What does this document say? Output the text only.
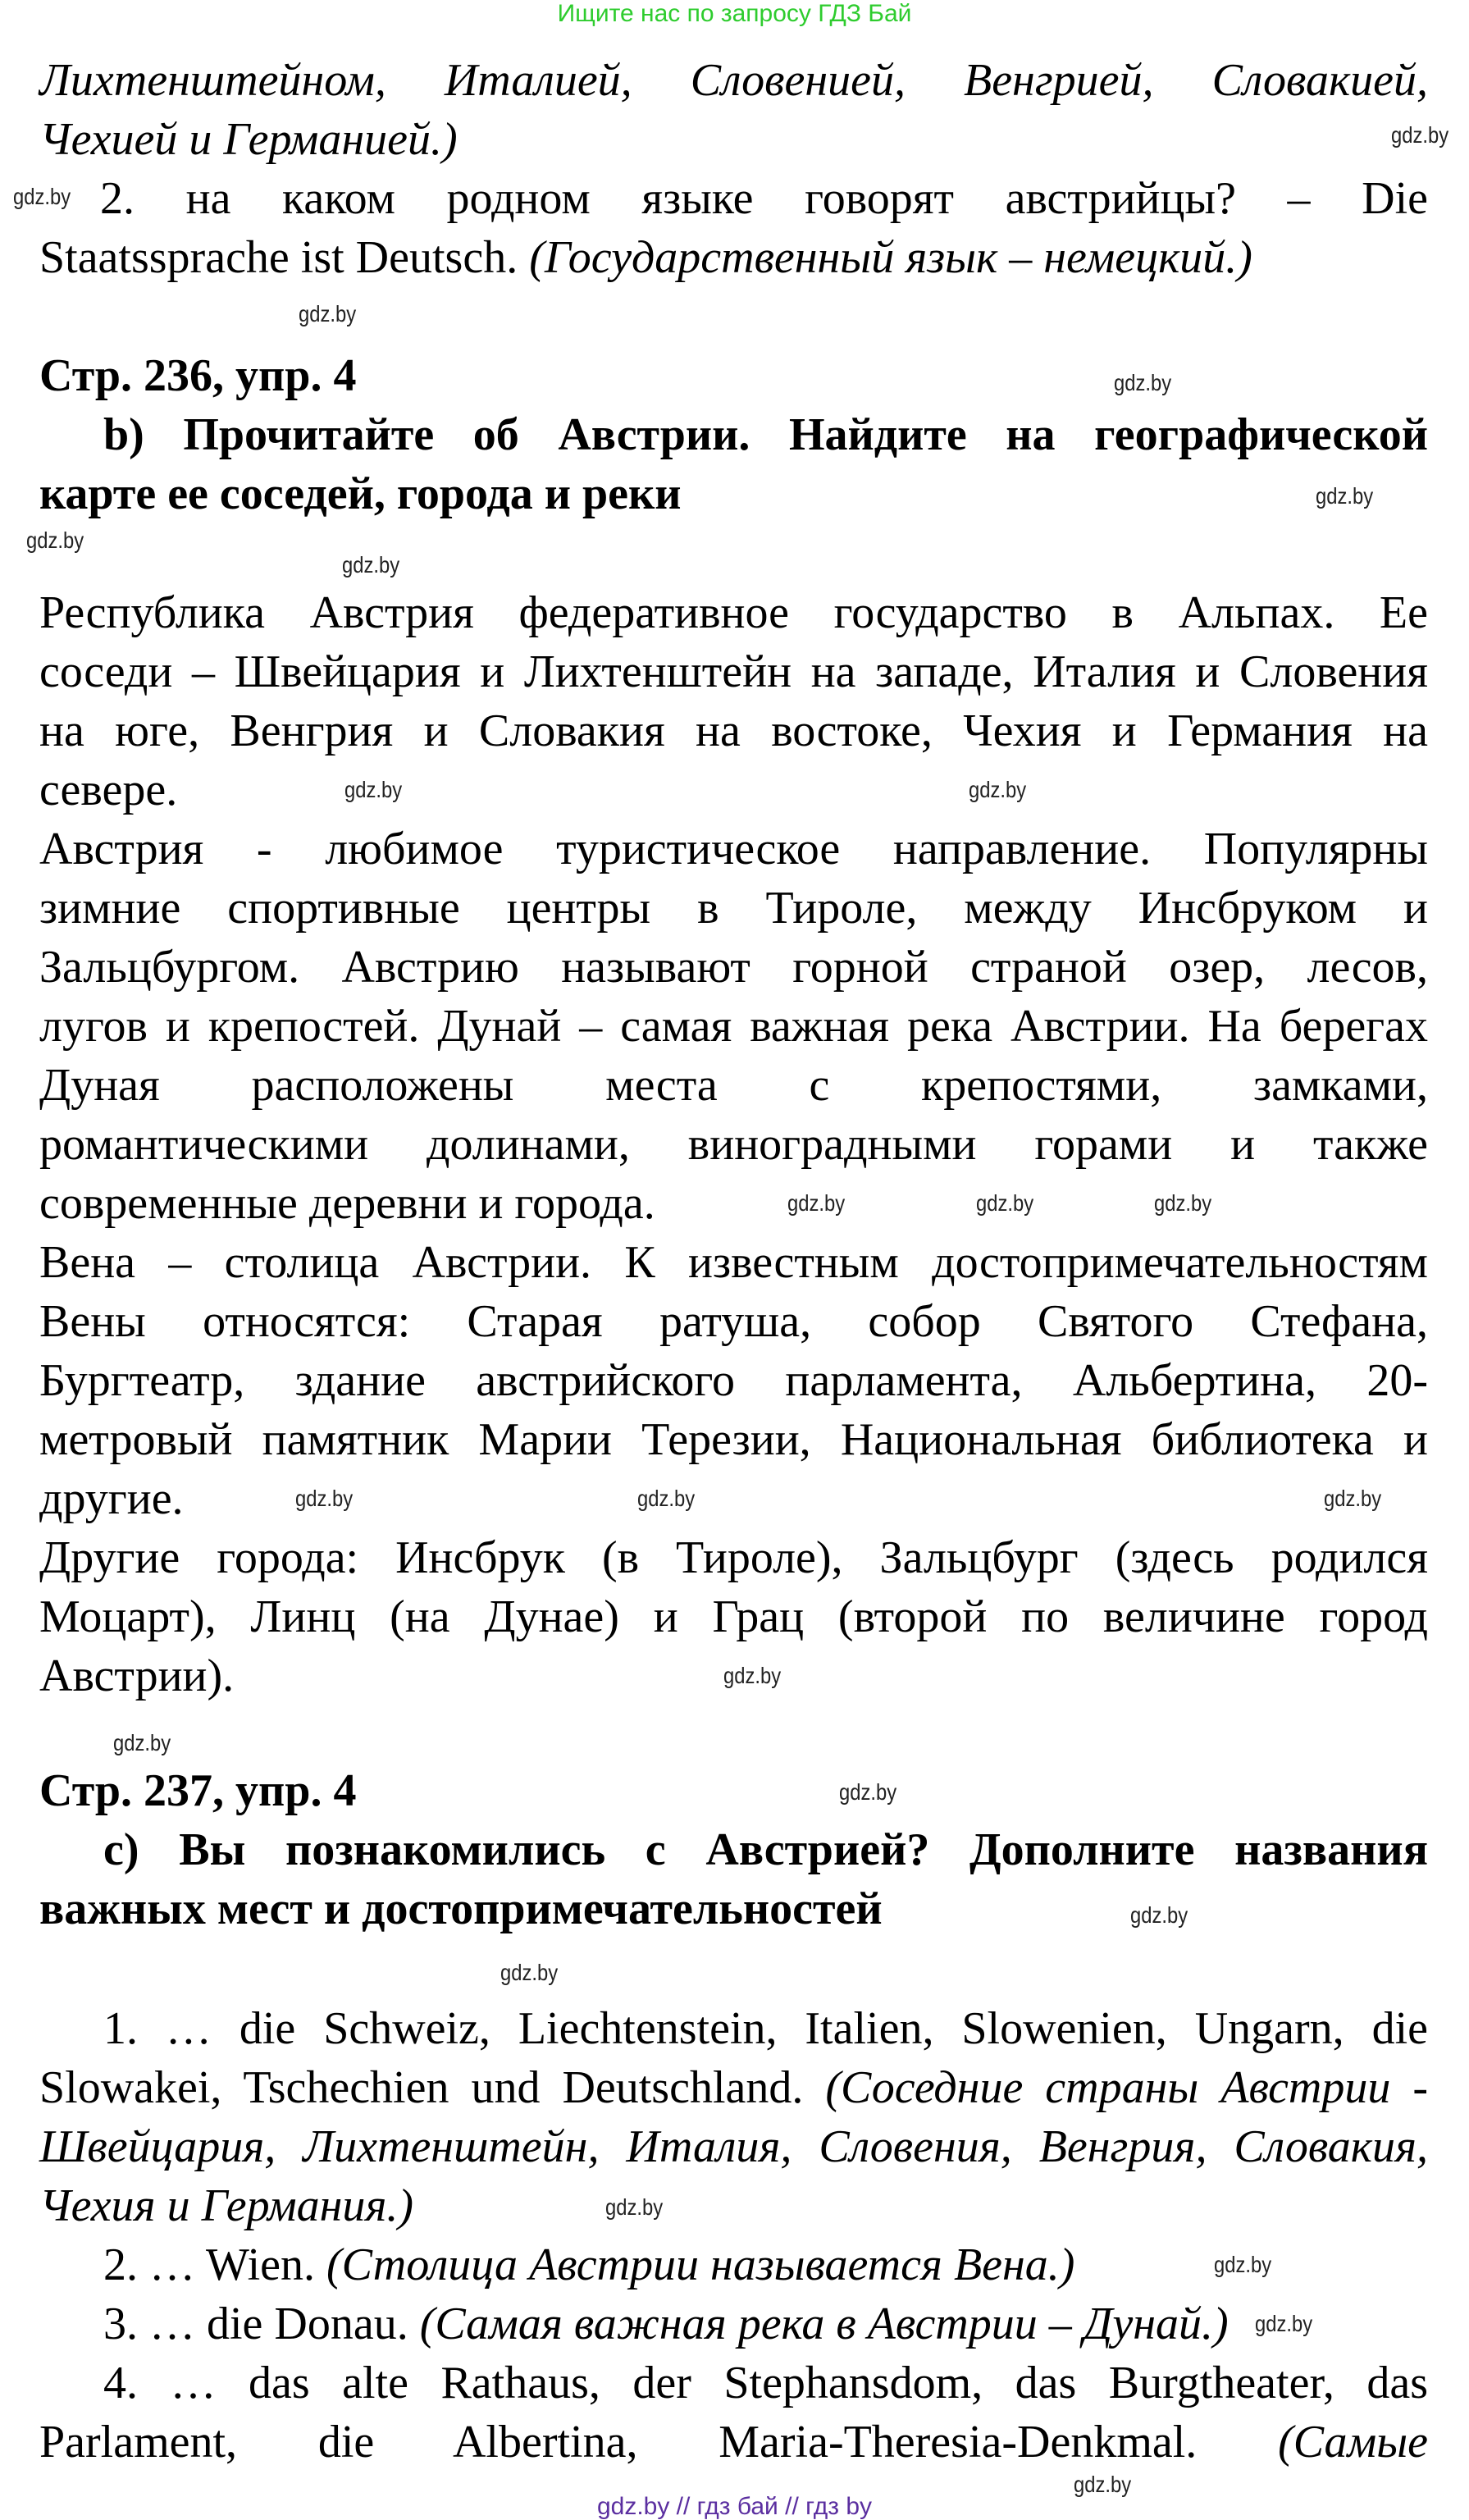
Ищите нас по запросу ГДЗ Бай
Лихтенштейном, Италией, Словенией, Венгрией, Словакией,
Чехией и Германией.)
2. на каком родном языке говорят австрийцы? – Die
Staatssprache ist Deutsch. (Государственный язык – немецкий.)
Стр. 236, упр. 4
b) Прочитайте об Австрии. Найдите на географической
карте ее соседей, города и реки
Республика Австрия федеративное государство в Альпах. Ее
соседи – Швейцария и Лихтенштейн на западе, Италия и Словения
на юге, Венгрия и Словакия на востоке, Чехия и Германия на
севере.
Австрия - любимое туристическое направление. Популярны
зимние спортивные центры в Тироле, между Инсбруком и
Зальцбургом. Австрию называют горной страной озер, лесов,
лугов и крепостей. Дунай – самая важная река Австрии. На берегах
Дуная расположены места с крепостями, замками,
романтическими долинами, виноградными горами и также
современные деревни и города.
Вена – столица Австрии. К известным достопримечательностям
Вены относятся: Старая ратуша, собор Святого Стефана,
Бургтеатр, здание австрийского парламента, Альбертина, 20-
метровый памятник Марии Терезии, Национальная библиотека и
другие.
Другие города: Инсбрук (в Тироле), Зальцбург (здесь родился
Моцарт), Линц (на Дунае) и Грац (второй по величине город
Австрии).
Стр. 237, упр. 4
c) Вы познакомились с Австрией? Дополните названия
важных мест и достопримечательностей
1. … die Schweiz, Liechtenstein, Italien, Slowenien, Ungarn, die
Slowakei, Tschechien und Deutschland. (Соседние страны Австрии -
Швейцария, Лихтенштейн, Италия, Словения, Венгрия, Словакия,
Чехия и Германия.)
2. … Wien. (Столица Австрии называется Вена.)
3. … die Donau. (Самая важная река в Австрии – Дунай.)
4. … das alte Rathaus, der Stephansdom, das Burgtheater, das
Parlament, die Albertina, Maria-Theresia-Denkmal. (Самые
gdz.by
gdz.by
gdz.by
gdz.by
gdz.by
gdz.by
gdz.by
gdz.by
gdz.by
gdz.by
gdz.by	gdz.by
gdz.by
gdz.by
gdz.by
gdz.by
gdz.by
gdz.by
gdz.by
gdz.by
gdz.by
gdz.by
gdz.by
gdz.by
gdz.by // гдз бай // гдз by
